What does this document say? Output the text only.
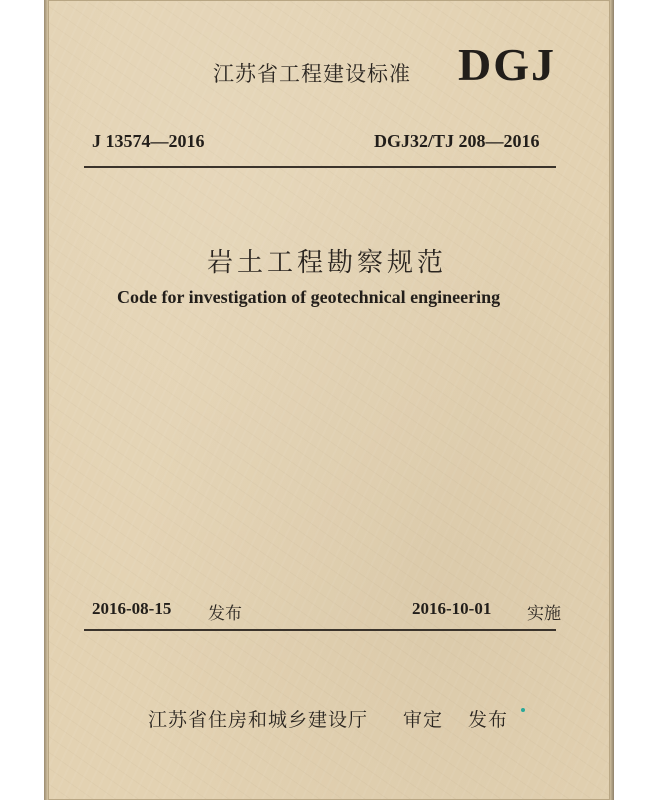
江苏省工程建设标准 DGJ
J 13574—2016	DGJ32/TJ 208—2016
岩土工程勘察规范
Code for investigation of geotechnical engineering
2016-08-15 发布	2016-10-01 实施
江苏省住房和城乡建设厅 审定 发布
